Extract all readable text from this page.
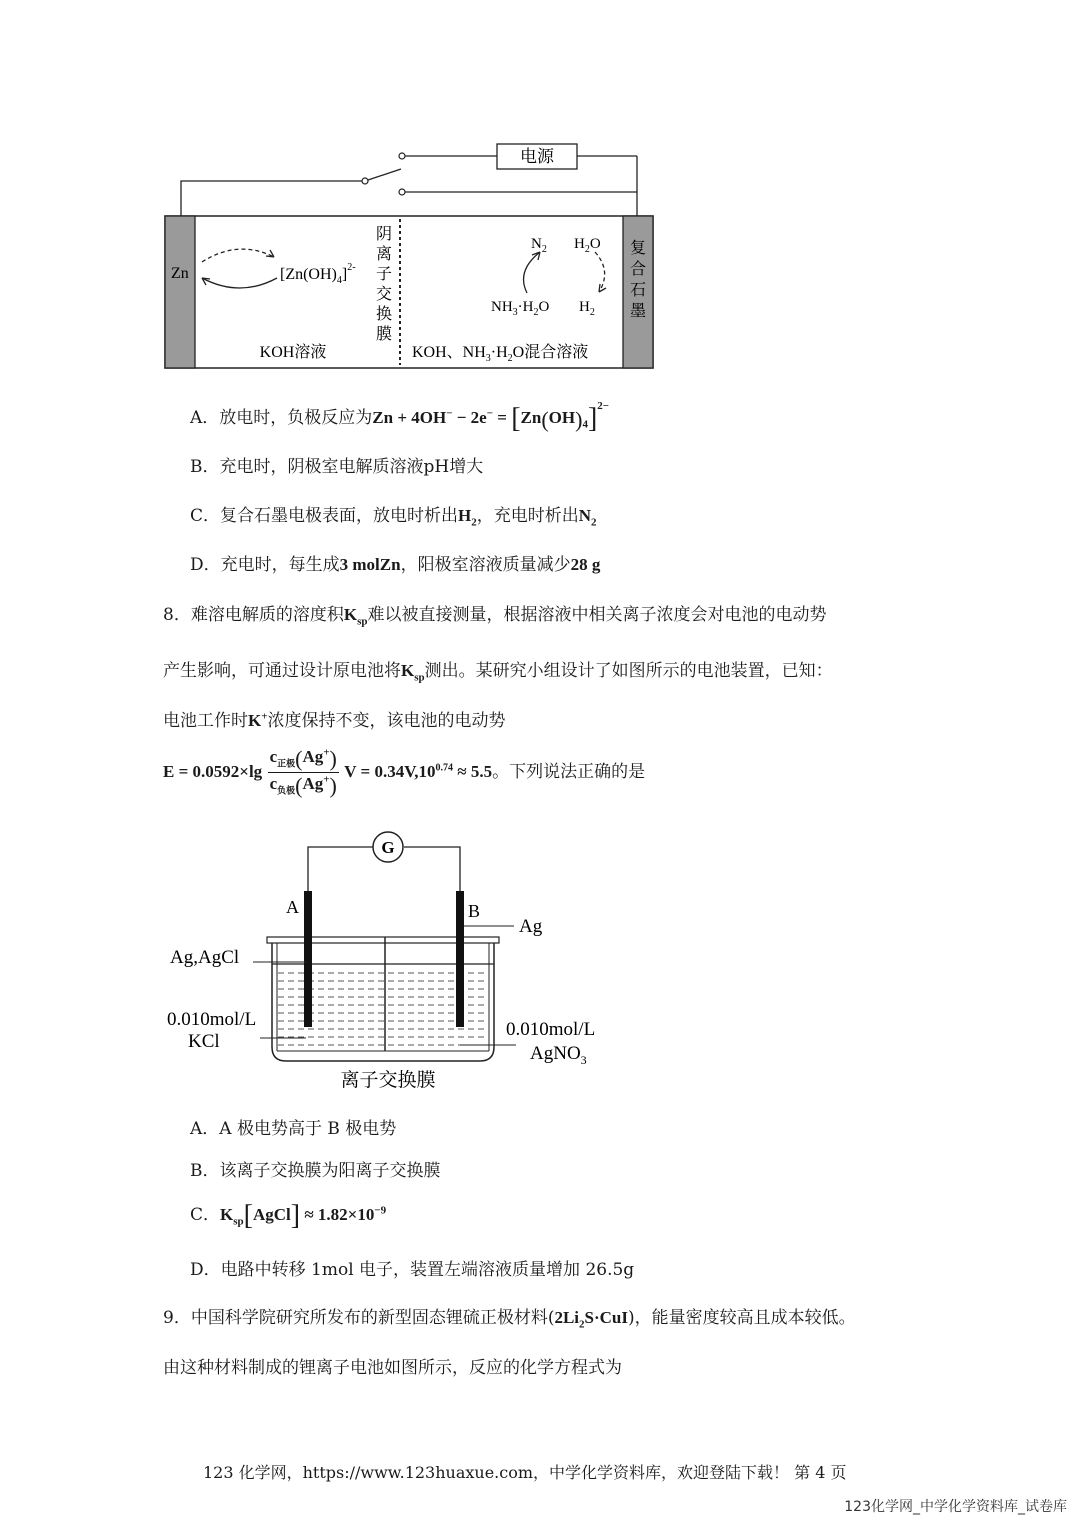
电源
Zn	$[Zn(OH)_4]^{2-}$
阴
离
子
交
换
膜
复
合
石
墨
$N_2$ $H_2O$
$NH_3\cdot H_2O$ $H_2$
KOH溶液	KOH、$NH_3\cdot H_2O$混合溶液
A．放电时，负极反应为$Zn + 4OH^- - 2e^- = [Zn(OH)_4]^{2-}$
B．充电时，阴极室电解质溶液pH增大
C．复合石墨电极表面，放电时析出$H_2$，充电时析出$N_2$
D．充电时，每生成3 molZn，阳极室溶液质量减少28 g
8．难溶电解质的溶度积$K_{sp}$难以被直接测量，根据溶液中相关离子浓度会对电池的电动势
产生影响，可通过设计原电池将$K_{sp}$测出。某研究小组设计了如图所示的电池装置，已知：
电池工作时K+浓度保持不变，该电池的电动势
$E = 0.0592\times\lg \frac{c_{正极}(Ag^+)}{c_{负极}(Ag^+)}$ $V = 0.34V,10^{0.74} \approx 5.5$。下列说法正确的是
G
A	B
Ag
Ag,AgCl
0.010mol/L
KCl
0.010mol/L
AgNO$_3$
离子交换膜
A．A 极电势高于 B 极电势
B．该离子交换膜为阳离子交换膜
C．$K_{sp}[AgCl] \approx 1.82\times 10^{-9}$
D．电路中转移 1mol 电子，装置左端溶液质量增加 26.5g
9．中国科学院研究所发布的新型固态锂硫正极材料$(2Li_2S\cdot CuI)$，能量密度较高且成本较低。
由这种材料制成的锂离子电池如图所示，反应的化学方程式为
123 化学网，https://www.123huaxue.com，中学化学资料库，欢迎登陆下载！ 第 4 页
123化学网_中学化学资料库_试卷库
